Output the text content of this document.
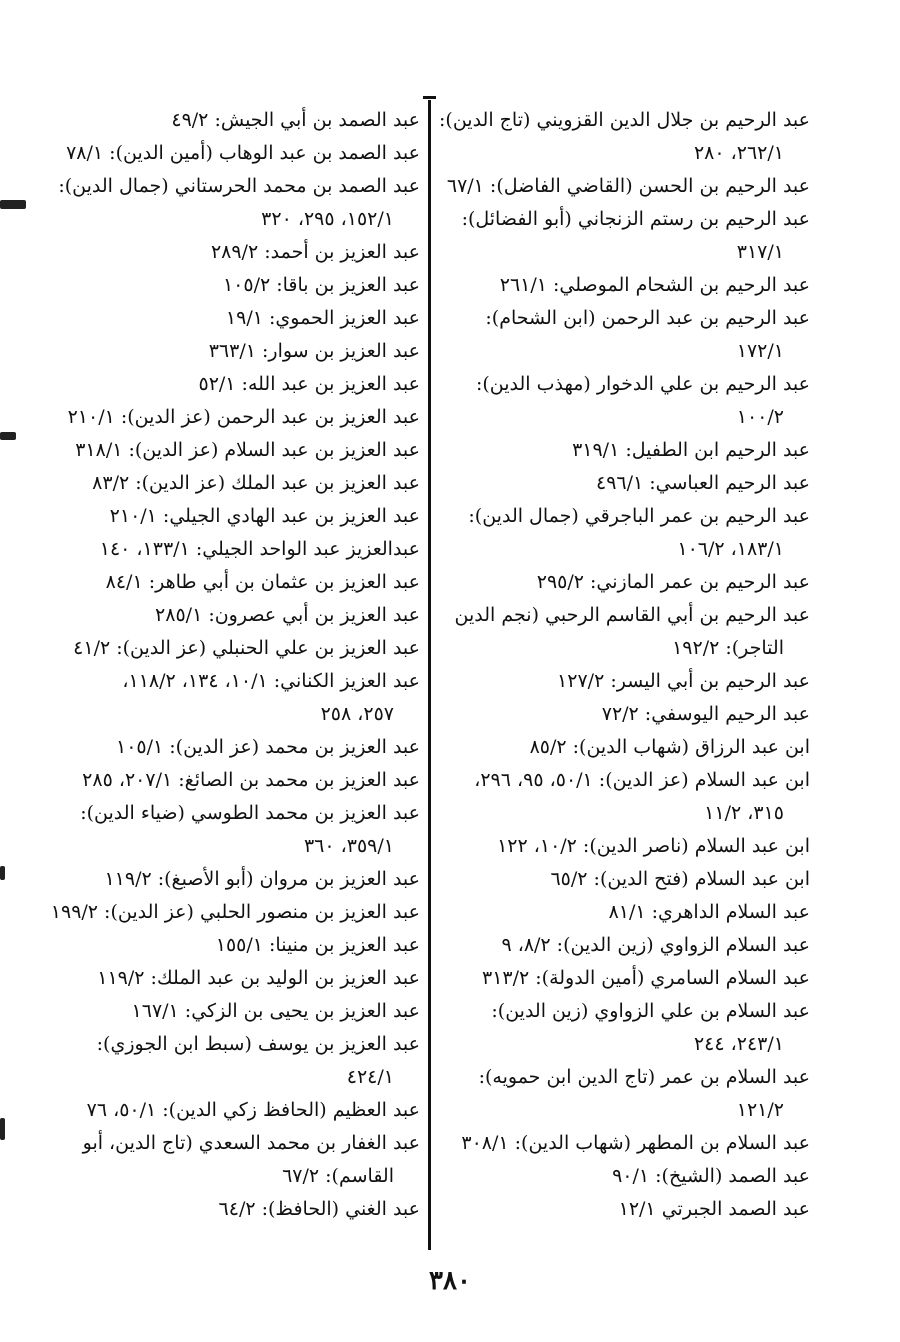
عبد الرحيم بن جلال الدين القزويني (تاج الدين):
٢٦٢/١، ٢٨٠
عبد الرحيم بن الحسن (القاضي الفاضل): ٦٧/١
عبد الرحيم بن رستم الزنجاني (أبو الفضائل):
٣١٧/١
عبد الرحيم بن الشحام الموصلي: ٢٦١/١
عبد الرحيم بن عبد الرحمن (ابن الشحام):
١٧٢/١
عبد الرحيم بن علي الدخوار (مهذب الدين):
١٠٠/٢
عبد الرحيم ابن الطفيل: ٣١٩/١
عبد الرحيم العباسي: ٤٩٦/١
عبد الرحيم بن عمر الباجرقي (جمال الدين):
١٨٣/١، ١٠٦/٢
عبد الرحيم بن عمر المازني: ٢٩٥/٢
عبد الرحيم بن أبي القاسم الرحبي (نجم الدين
التاجر): ١٩٢/٢
عبد الرحيم بن أبي اليسر: ١٢٧/٢
عبد الرحيم اليوسفي: ٧٢/٢
ابن عبد الرزاق (شهاب الدين): ٨٥/٢
ابن عبد السلام (عز الدين): ٥٠/١، ٩٥، ٢٩٦،
٣١٥، ١١/٢
ابن عبد السلام (ناصر الدين): ١٠/٢، ١٢٢
ابن عبد السلام (فتح الدين): ٦٥/٢
عبد السلام الداهري: ٨١/١
عبد السلام الزواوي (زين الدين): ٨/٢، ٩
عبد السلام السامري (أمين الدولة): ٣١٣/٢
عبد السلام بن علي الزواوي (زين الدين):
٢٤٣/١، ٢٤٤
عبد السلام بن عمر (تاج الدين ابن حمويه):
١٢١/٢
عبد السلام بن المطهر (شهاب الدين): ٣٠٨/١
عبد الصمد (الشيخ): ٩٠/١
عبد الصمد الجبرتي ١٢/١
عبد الصمد بن أبي الجيش: ٤٩/٢
عبد الصمد بن عبد الوهاب (أمين الدين): ٧٨/١
عبد الصمد بن محمد الحرستاني (جمال الدين):
١٥٢/١، ٢٩٥، ٣٢٠
عبد العزيز بن أحمد: ٢٨٩/٢
عبد العزيز بن باقا: ١٠٥/٢
عبد العزيز الحموي: ١٩/١
عبد العزيز بن سوار: ٣٦٣/١
عبد العزيز بن عبد الله: ٥٢/١
عبد العزيز بن عبد الرحمن (عز الدين): ٢١٠/١
عبد العزيز بن عبد السلام (عز الدين): ٣١٨/١
عبد العزيز بن عبد الملك (عز الدين): ٨٣/٢
عبد العزيز بن عبد الهادي الجيلي: ٢١٠/١
عبدالعزيز عبد الواحد الجيلي: ١٣٣/١، ١٤٠
عبد العزيز بن عثمان بن أبي طاهر: ٨٤/١
عبد العزيز بن أبي عصرون: ٢٨٥/١
عبد العزيز بن علي الحنبلي (عز الدين): ٤١/٢
عبد العزيز الكناني: ١٠/١، ١٣٤، ١١٨/٢،
٢٥٧، ٢٥٨
عبد العزيز بن محمد (عز الدين): ١٠٥/١
عبد العزيز بن محمد بن الصائغ: ٢٠٧/١، ٢٨٥
عبد العزيز بن محمد الطوسي (ضياء الدين):
٣٥٩/١، ٣٦٠
عبد العزيز بن مروان (أبو الأصبغ): ١١٩/٢
عبد العزيز بن منصور الحلبي (عز الدين): ١٩٩/٢
عبد العزيز بن منينا: ١٥٥/١
عبد العزيز بن الوليد بن عبد الملك: ١١٩/٢
عبد العزيز بن يحيى بن الزكي: ١٦٧/١
عبد العزيز بن يوسف (سبط ابن الجوزي):
٤٢٤/١
عبد العظيم (الحافظ زكي الدين): ٥٠/١، ٧٦
عبد الغفار بن محمد السعدي (تاج الدين، أبو
القاسم): ٦٧/٢
عبد الغني (الحافظ): ٦٤/٢
٣٨٠
